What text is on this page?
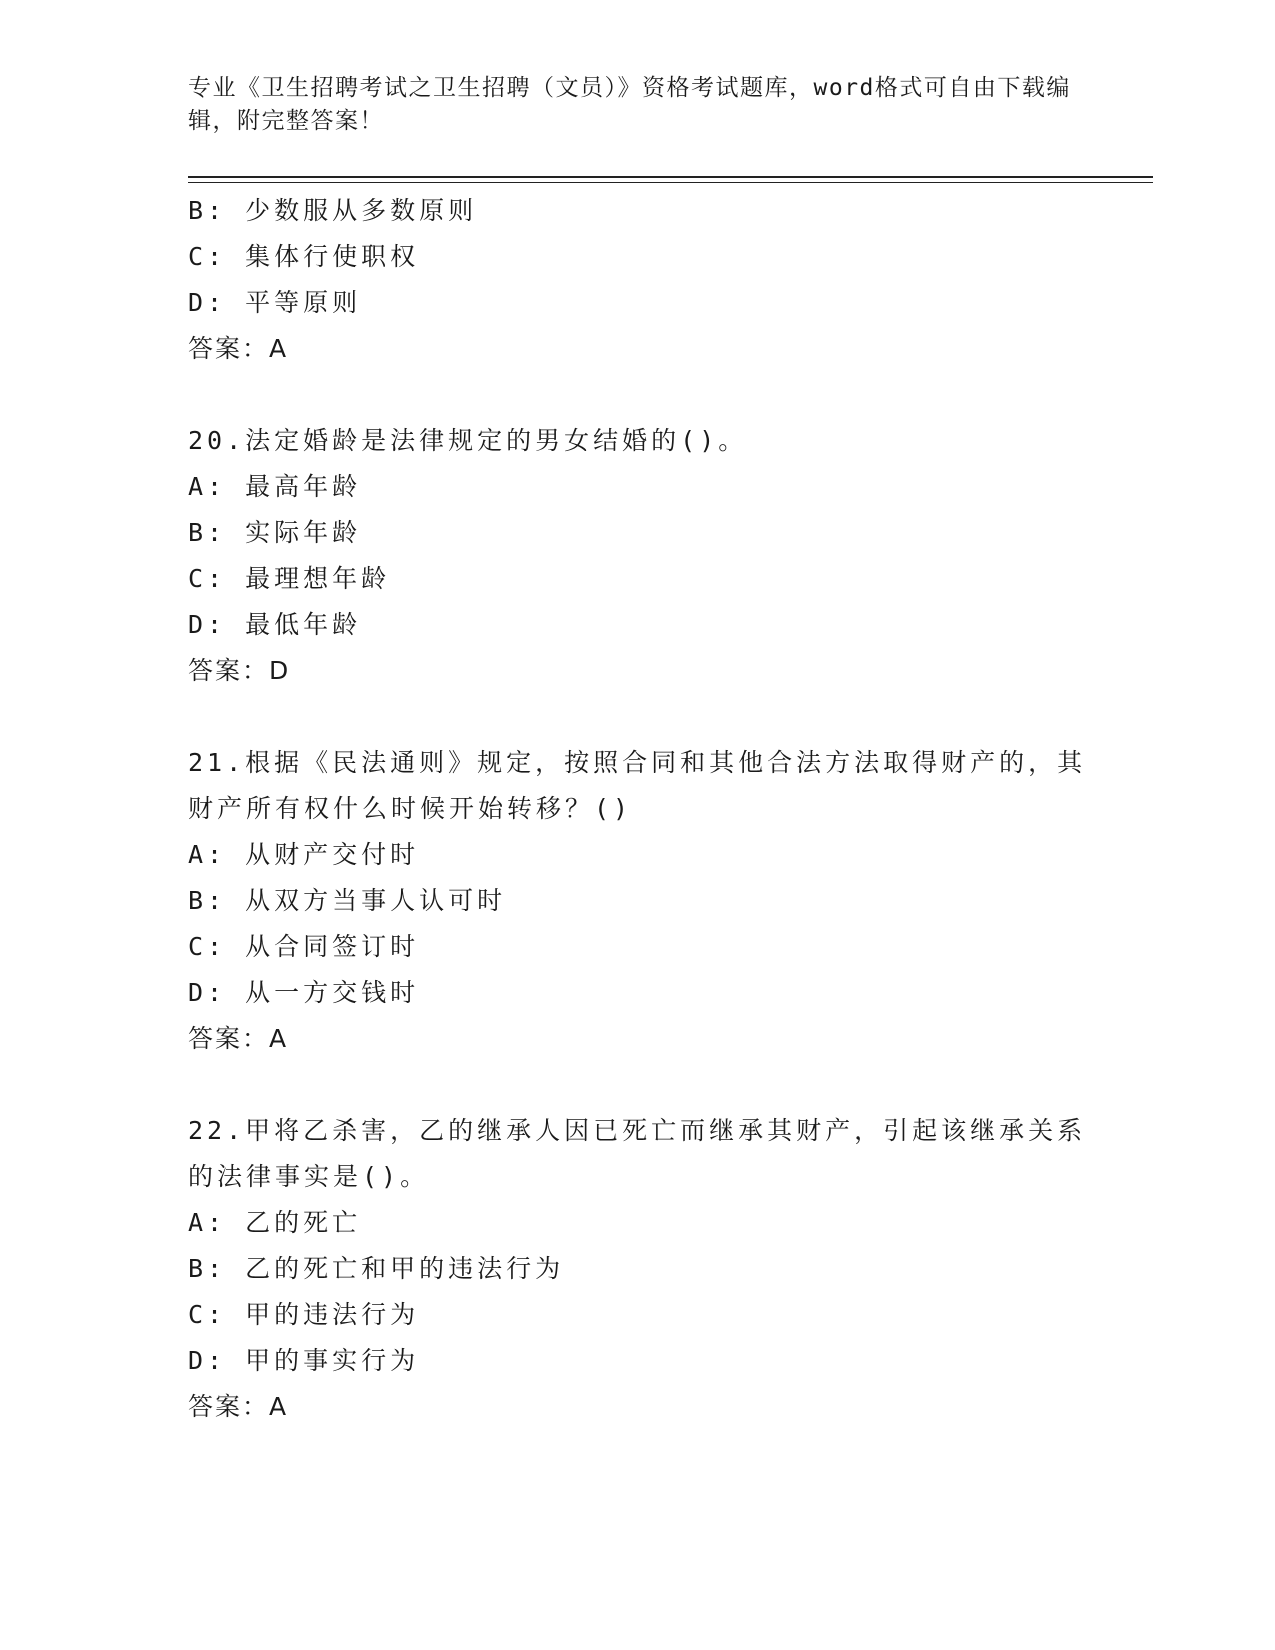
专业《卫生招聘考试之卫生招聘（文员）》资格考试题库，word格式可自由下载编辑，附完整答案！
B: 少数服从多数原则
C: 集体行使职权
D: 平等原则
答案：A
20.法定婚龄是法律规定的男女结婚的()。
A: 最高年龄
B: 实际年龄
C: 最理想年龄
D: 最低年龄
答案：D
21.根据《民法通则》规定，按照合同和其他合法方法取得财产的，其财产所有权什么时候开始转移？()
A: 从财产交付时
B: 从双方当事人认可时
C: 从合同签订时
D: 从一方交钱时
答案：A
22.甲将乙杀害，乙的继承人因已死亡而继承其财产，引起该继承关系的法律事实是()。
A: 乙的死亡
B: 乙的死亡和甲的违法行为
C: 甲的违法行为
D: 甲的事实行为
答案：A
